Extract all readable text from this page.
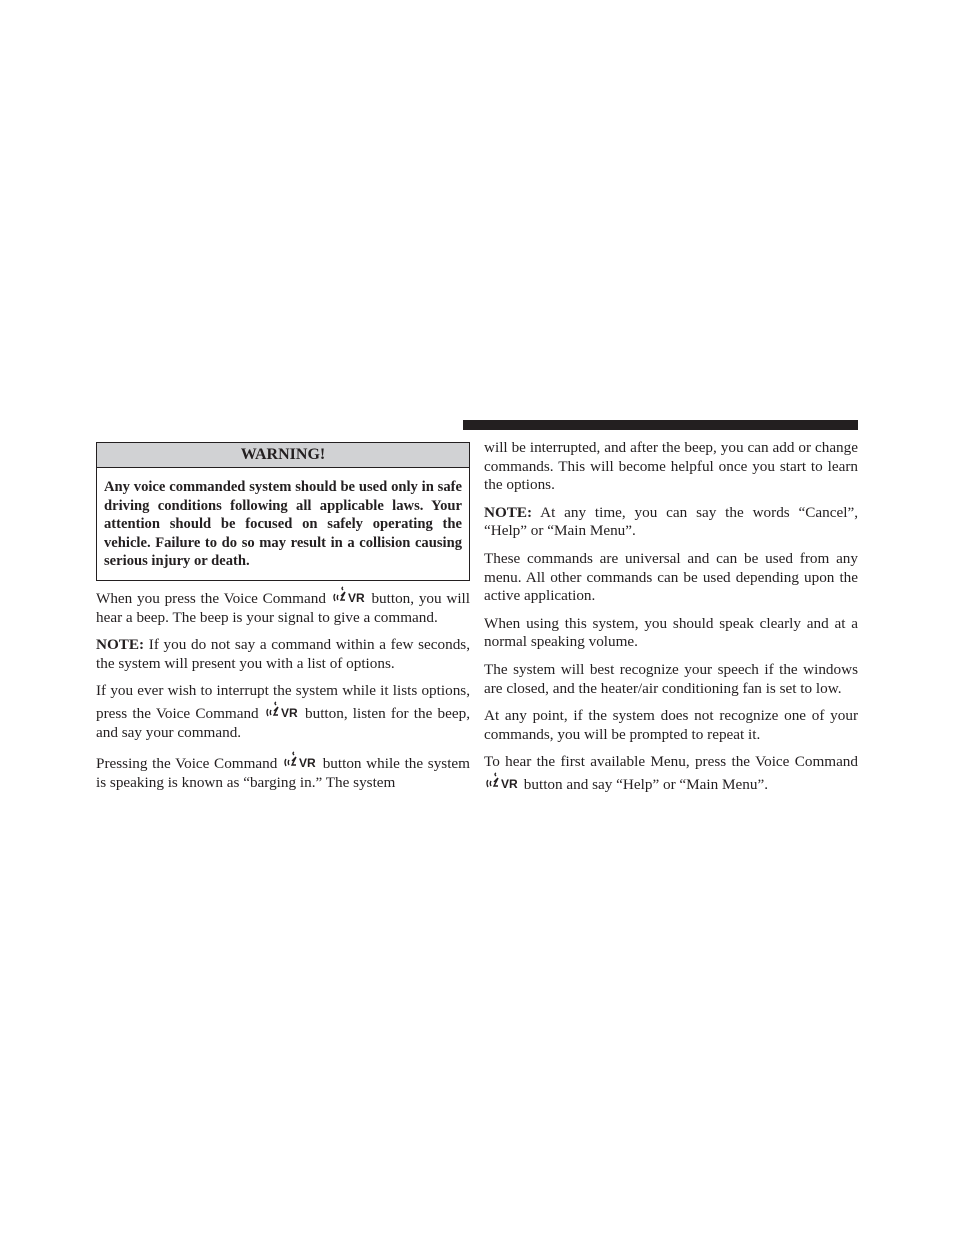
WARNING!
Any voice commanded system should be used only in safe driving conditions following all applicable laws. Your attention should be focused on safely operating the vehicle. Failure to do so may result in a collision causing serious injury or death.

When you press the Voice Command VR button, you will hear a beep. The beep is your signal to give a command.

NOTE: If you do not say a command within a few seconds, the system will present you with a list of options.

If you ever wish to interrupt the system while it lists options, press the Voice Command VR button, listen for the beep, and say your command.

Pressing the Voice Command VR button while the system is speaking is known as “barging in.” The system

will be interrupted, and after the beep, you can add or change commands. This will become helpful once you start to learn the options.

NOTE: At any time, you can say the words “Cancel”, “Help” or “Main Menu”.

These commands are universal and can be used from any menu. All other commands can be used depending upon the active application.

When using this system, you should speak clearly and at a normal speaking volume.

The system will best recognize your speech if the windows are closed, and the heater/air conditioning fan is set to low.

At any point, if the system does not recognize one of your commands, you will be prompted to repeat it.

To hear the first available Menu, press the Voice Command
VR button and say “Help” or “Main Menu”.
